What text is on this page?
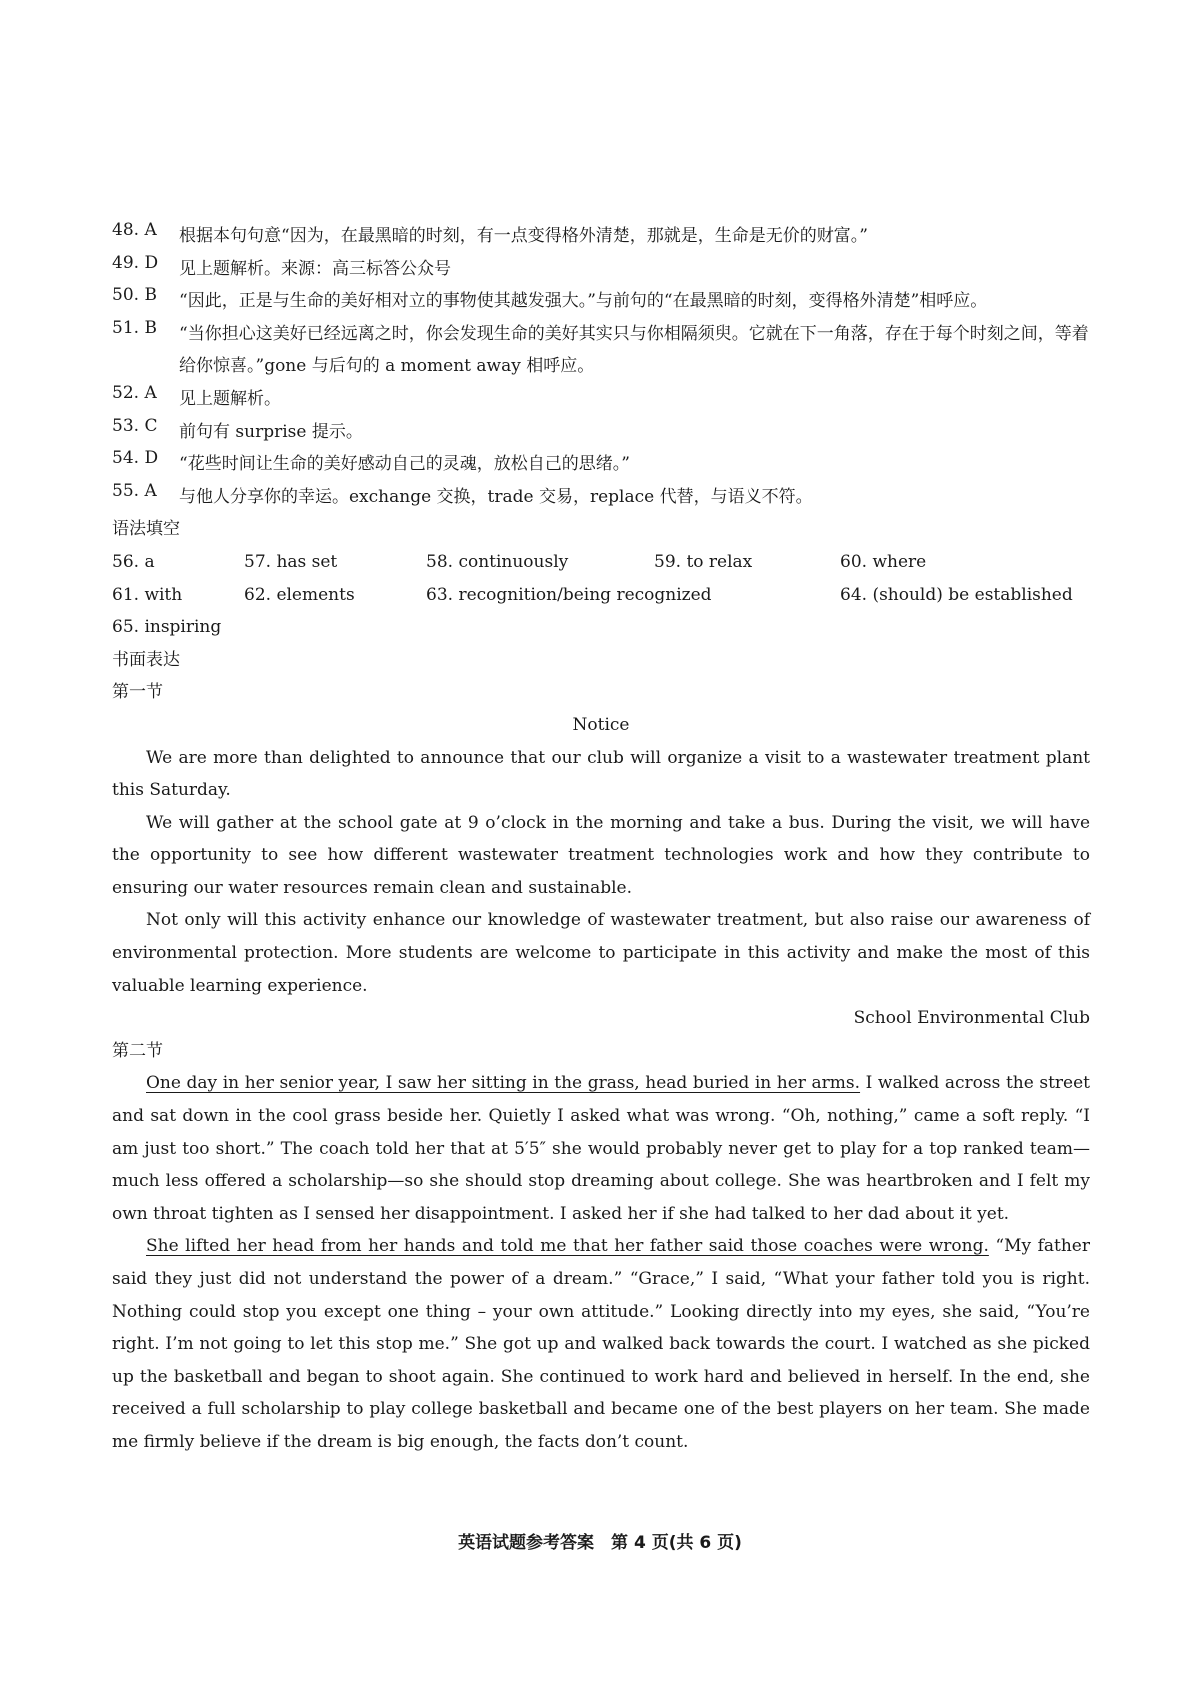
48. A	根据本句句意“因为，在最黑暗的时刻，有一点变得格外清楚，那就是，生命是无价的财富。”
49. D	见上题解析。来源：高三标答公众号
50. B	“因此，正是与生命的美好相对立的事物使其越发强大。”与前句的“在最黑暗的时刻，变得格外清楚”相呼应。
51. B	“当你担心这美好已经远离之时，你会发现生命的美好其实只与你相隔须臾。它就在下一角落，存在于每个时刻之间，等着给你惊喜。”gone 与后句的 a moment away 相呼应。
52. A	见上题解析。
53. C	前句有 surprise 提示。
54. D	“花些时间让生命的美好感动自己的灵魂，放松自己的思绪。”
55. A	与他人分享你的幸运。exchange 交换，trade 交易，replace 代替，与语义不符。
语法填空
56. a	57. has set	58. continuously	59. to relax	60. where
61. with	62. elements	63. recognition/being recognized	64. (should) be established
65. inspiring
书面表达
第一节
Notice

We are more than delighted to announce that our club will organize a visit to a wastewater treatment plant this Saturday.

We will gather at the school gate at 9 o’clock in the morning and take a bus. During the visit, we will have the opportunity to see how different wastewater treatment technologies work and how they contribute to ensuring our water resources remain clean and sustainable.

Not only will this activity enhance our knowledge of wastewater treatment, but also raise our awareness of environmental protection. More students are welcome to participate in this activity and make the most of this valuable learning experience.

School Environmental Club
第二节

One day in her senior year, I saw her sitting in the grass, head buried in her arms. I walked across the street and sat down in the cool grass beside her. Quietly I asked what was wrong. “Oh, nothing,” came a soft reply. “I am just too short.” The coach told her that at 5′5″ she would probably never get to play for a top ranked team— much less offered a scholarship—so she should stop dreaming about college. She was heartbroken and I felt my own throat tighten as I sensed her disappointment. I asked her if she had talked to her dad about it yet.

She lifted her head from her hands and told me that her father said those coaches were wrong. “My father said they just did not understand the power of a dream.” “Grace,” I said, “What your father told you is right. Nothing could stop you except one thing – your own attitude.” Looking directly into my eyes, she said, “You’re right. I’m not going to let this stop me.” She got up and walked back towards the court. I watched as she picked up the basketball and began to shoot again. She continued to work hard and believed in herself. In the end, she received a full scholarship to play college basketball and became one of the best players on her team. She made me firmly believe if the dream is big enough, the facts don’t count.

英语试题参考答案　第 4 页(共 6 页)
